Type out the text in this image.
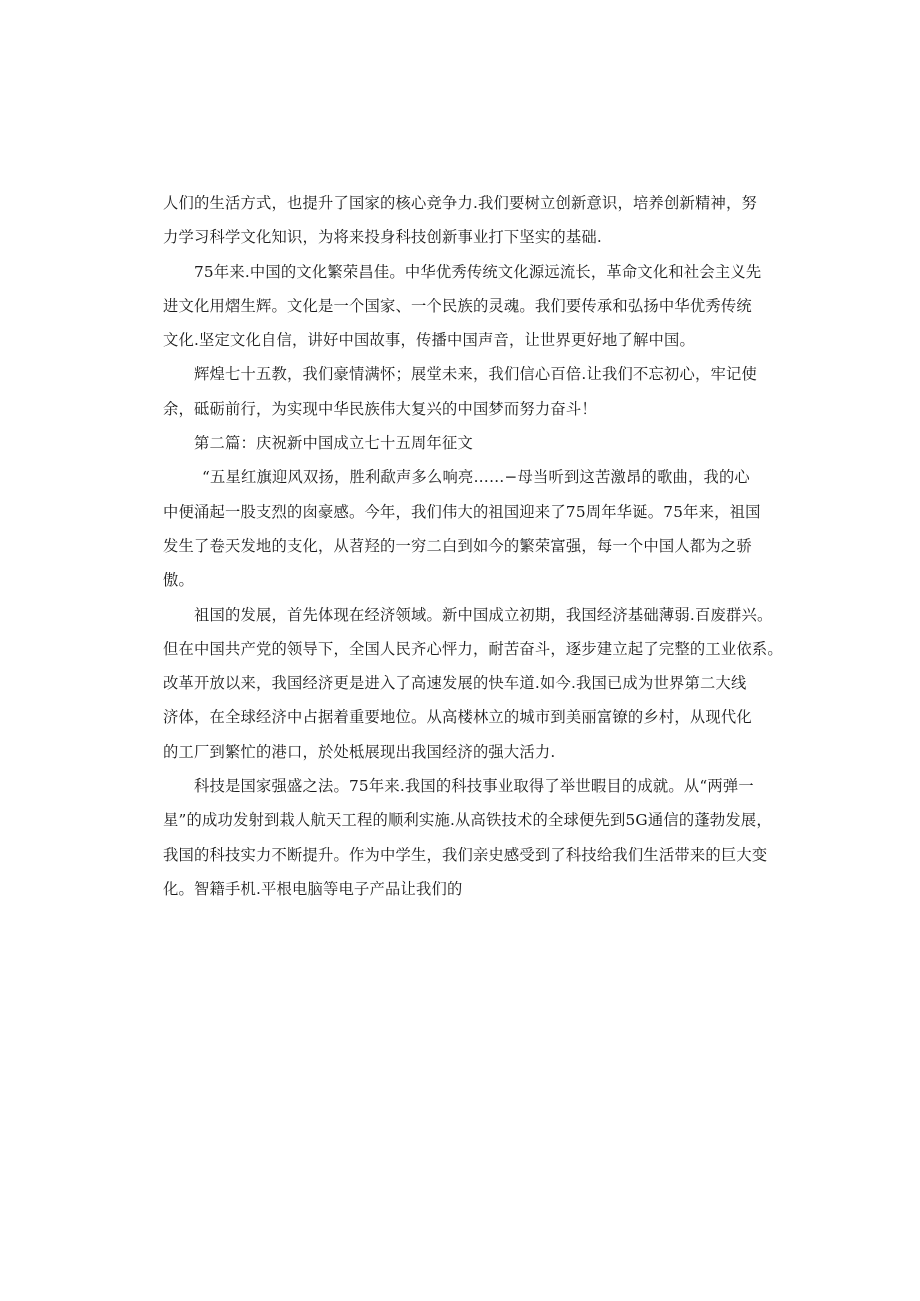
人们的生活方式，也提升了国家的核心竞争力.我们要树立创新意识，培养创新精神，努
力学习科学文化知识，为将来投身科技创新事业打下坚实的基础.
75年来.中国的文化繁荣昌佳。中华优秀传统文化源远流长，革命文化和社会主义先
进文化用熠生辉。文化是一个国家、一个民族的灵魂。我们要传承和弘扬中华优秀传统
文化.坚定文化自信，讲好中国故事，传播中国声音，让世界更好地了解中国。
辉煌七十五教，我们豪情满怀；展堂未来，我们信心百倍.让我们不忘初心，牢记使
余，砥砺前行，为实现中华民族伟大复兴的中国梦而努力奋斗！
第二篇：庆祝新中国成立七十五周年征文
“五星红旗迎风双扬，胜利歃声多么响亮……−母当听到这苦激昂的歌曲，我的心
中便涌起一股支烈的囱豪感。今年，我们伟大的祖国迎来了75周年华诞。75年来，祖国
发生了卷天发地的支化，从苕羟的一穷二白到如今的繁荣富强，每一个中国人都为之骄
傲。
祖国的发展，首先体现在经济领域。新中国成立初期，我国经济基础薄弱.百废群兴。
但在中国共产党的领导下，全国人民齐心怦力，耐苦奋斗，逐步建立起了完整的工业依系。
改革开放以来，我国经济更是进入了高速发展的快车道.如今.我国已成为世界第二大线
济体，在全球经济中占据着重要地位。从高楼林立的城市到美丽富镣的乡村，从现代化
的工厂到繁忙的港口，於处柢展现出我国经济的强大活力.
科技是国家强盛之法。75年来.我国的科技事业取得了举世暇目的成就。从“两弹一
星”的成功发射到栽人航天工程的顺利实施.从高铁技术的全球便先到5G通信的蓬勃发展，
我国的科技实力不断提升。作为中学生，我们亲史感受到了科技给我们生活带来的巨大变
化。智籍手机.平根电脑等电子产品让我们的
